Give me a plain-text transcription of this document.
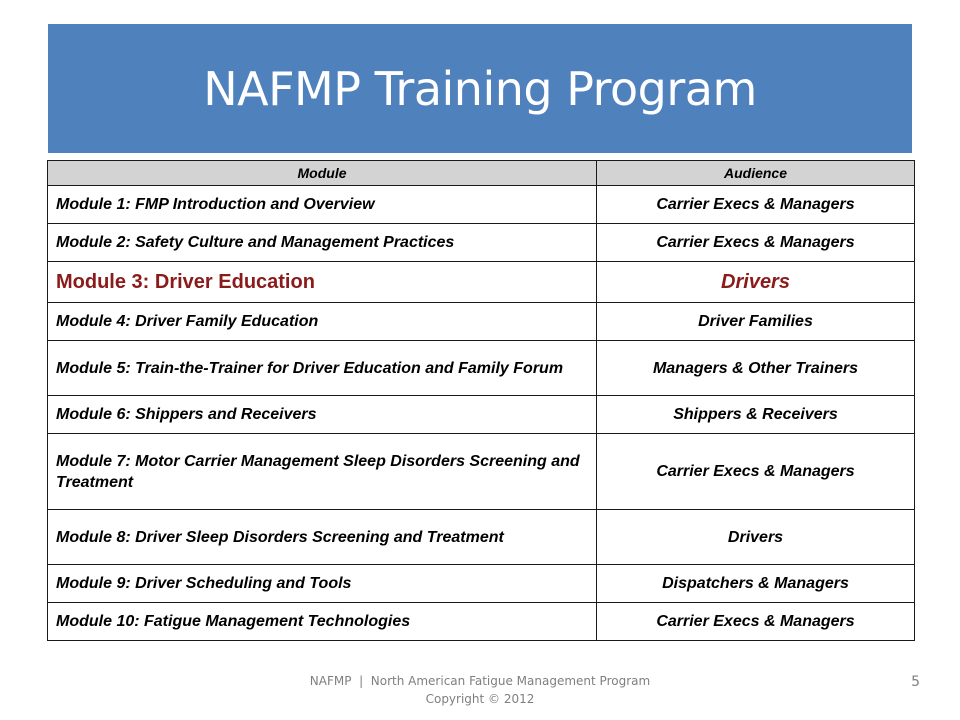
NAFMP Training Program
Module	Audience
Module 1: FMP Introduction and Overview	Carrier Execs & Managers
Module 2: Safety Culture and Management Practices	Carrier Execs & Managers
Module 3: Driver Education	Drivers
Module 4: Driver Family Education	Driver Families
Module 5: Train-the-Trainer for Driver Education and Family Forum	Managers & Other Trainers
Module 6: Shippers and Receivers	Shippers & Receivers
Module 7: Motor Carrier Management Sleep Disorders Screening and Treatment	Carrier Execs & Managers
Module 8: Driver Sleep Disorders Screening and Treatment	Drivers
Module 9: Driver Scheduling and Tools	Dispatchers & Managers
Module 10: Fatigue Management Technologies	Carrier Execs & Managers
NAFMP  |  North American Fatigue Management Program
Copyright © 2012
5
